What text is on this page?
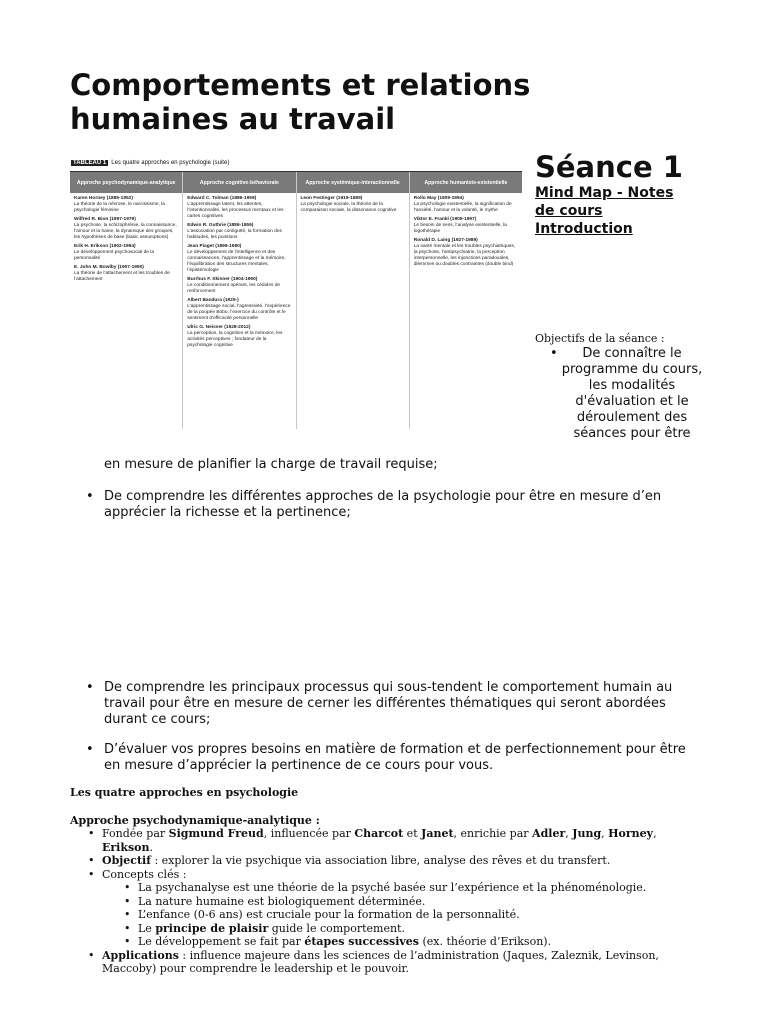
Comportements et relations humaines au travail
TABLEAU 1 Les quatre approches en psychologie (suite)
Approche psychodynamique-analytique
Karen Horney (1885-1952)
La théorie de la névrose, le narcissisme, la psychologie féminine
Wilfred R. Bion (1897-1979)
La psychose, la schizophrénie, la connaissance, l’amour et la haine, la dynamique des groupes, les hypothèses de base (basic assumptions)
Erik H. Erikson (1902-1994)
Le développement psychosocial de la personnalité
E. John M. Bowlby (1907-1990)
La théorie de l’attachement et les troubles de l’attachement
Approche cognitive-béhaviorale
Edward C. Tolman (1886-1959)
L’apprentissage latent, les attentes, l’intentionnalité, les processus mentaux et les cartes cognitives
Edwin R. Guthrie (1886-1959)
L’association par contiguïté, la formation des habitudes, les punitions
Jean Piaget (1896-1980)
Le développement de l’intelligence et des connaissances, l’apprentissage et la mémoire, l’équilibration des structures mentales, l’épistémologie
Burrhus F. Skinner (1904-1990)
Le conditionnement opérant, les cédules de renforcement
Albert Bandura (1925-)
L’apprentissage social, l’agressivité, l’expérience de la poupée Bobo, l’exercice du contrôle et le sentiment d’efficacité personnelle
Ulric G. Neisser (1928-2012)
La perception, la cognition et la mémoire, les activités perceptives ; fondateur de la psychologie cognitive
Approche systémique-interactionnelle
Leon Festinger (1919-1989)
La psychologie sociale, la théorie de la comparaison sociale, la dissonance cognitive
Approche humaniste-existentielle
Rollo May (1909-1994)
La psychologie existentielle, la signification de l’anxiété, l’amour et la volonté, le mythe
Viktor E. Frankl (1905-1997)
Le besoin de sens, l’analyse existentielle, la logothérapie
Ronald D. Laing (1927-1989)
La santé mentale et les troubles psychiatriques, la psychose, l’antipsychiatrie, la perception interpersonnelle, les injonctions paradoxales, dilemmes ou doubles contraintes (double bind)
Séance 1
Mind Map - Notes
de cours
Introduction
Objectifs de la séance :
• De connaître le programme du cours, les modalités d'évaluation et le déroulement des séances pour être
en mesure de planifier la charge de travail requise;
• De comprendre les différentes approches de la psychologie pour être en mesure d’en apprécier la richesse et la pertinence;
• De comprendre les principaux processus qui sous-tendent le comportement humain au travail pour être en mesure de cerner les différentes thématiques qui seront abordées durant ce cours;
• D’évaluer vos propres besoins en matière de formation et de perfectionnement pour être en mesure d’apprécier la pertinence de ce cours pour vous.
Les quatre approches en psychologie
Approche psychodynamique-analytique :
• Fondée par Sigmund Freud, influencée par Charcot et Janet, enrichie par Adler, Jung, Horney, Erikson.
• Objectif : explorer la vie psychique via association libre, analyse des rêves et du transfert.
• Concepts clés :
• La psychanalyse est une théorie de la psyché basée sur l’expérience et la phénoménologie.
• La nature humaine est biologiquement déterminée.
• L’enfance (0-6 ans) est cruciale pour la formation de la personnalité.
• Le principe de plaisir guide le comportement.
• Le développement se fait par étapes successives (ex. théorie d’Erikson).
• Applications : influence majeure dans les sciences de l’administration (Jaques, Zaleznik, Levinson, Maccoby) pour comprendre le leadership et le pouvoir.
